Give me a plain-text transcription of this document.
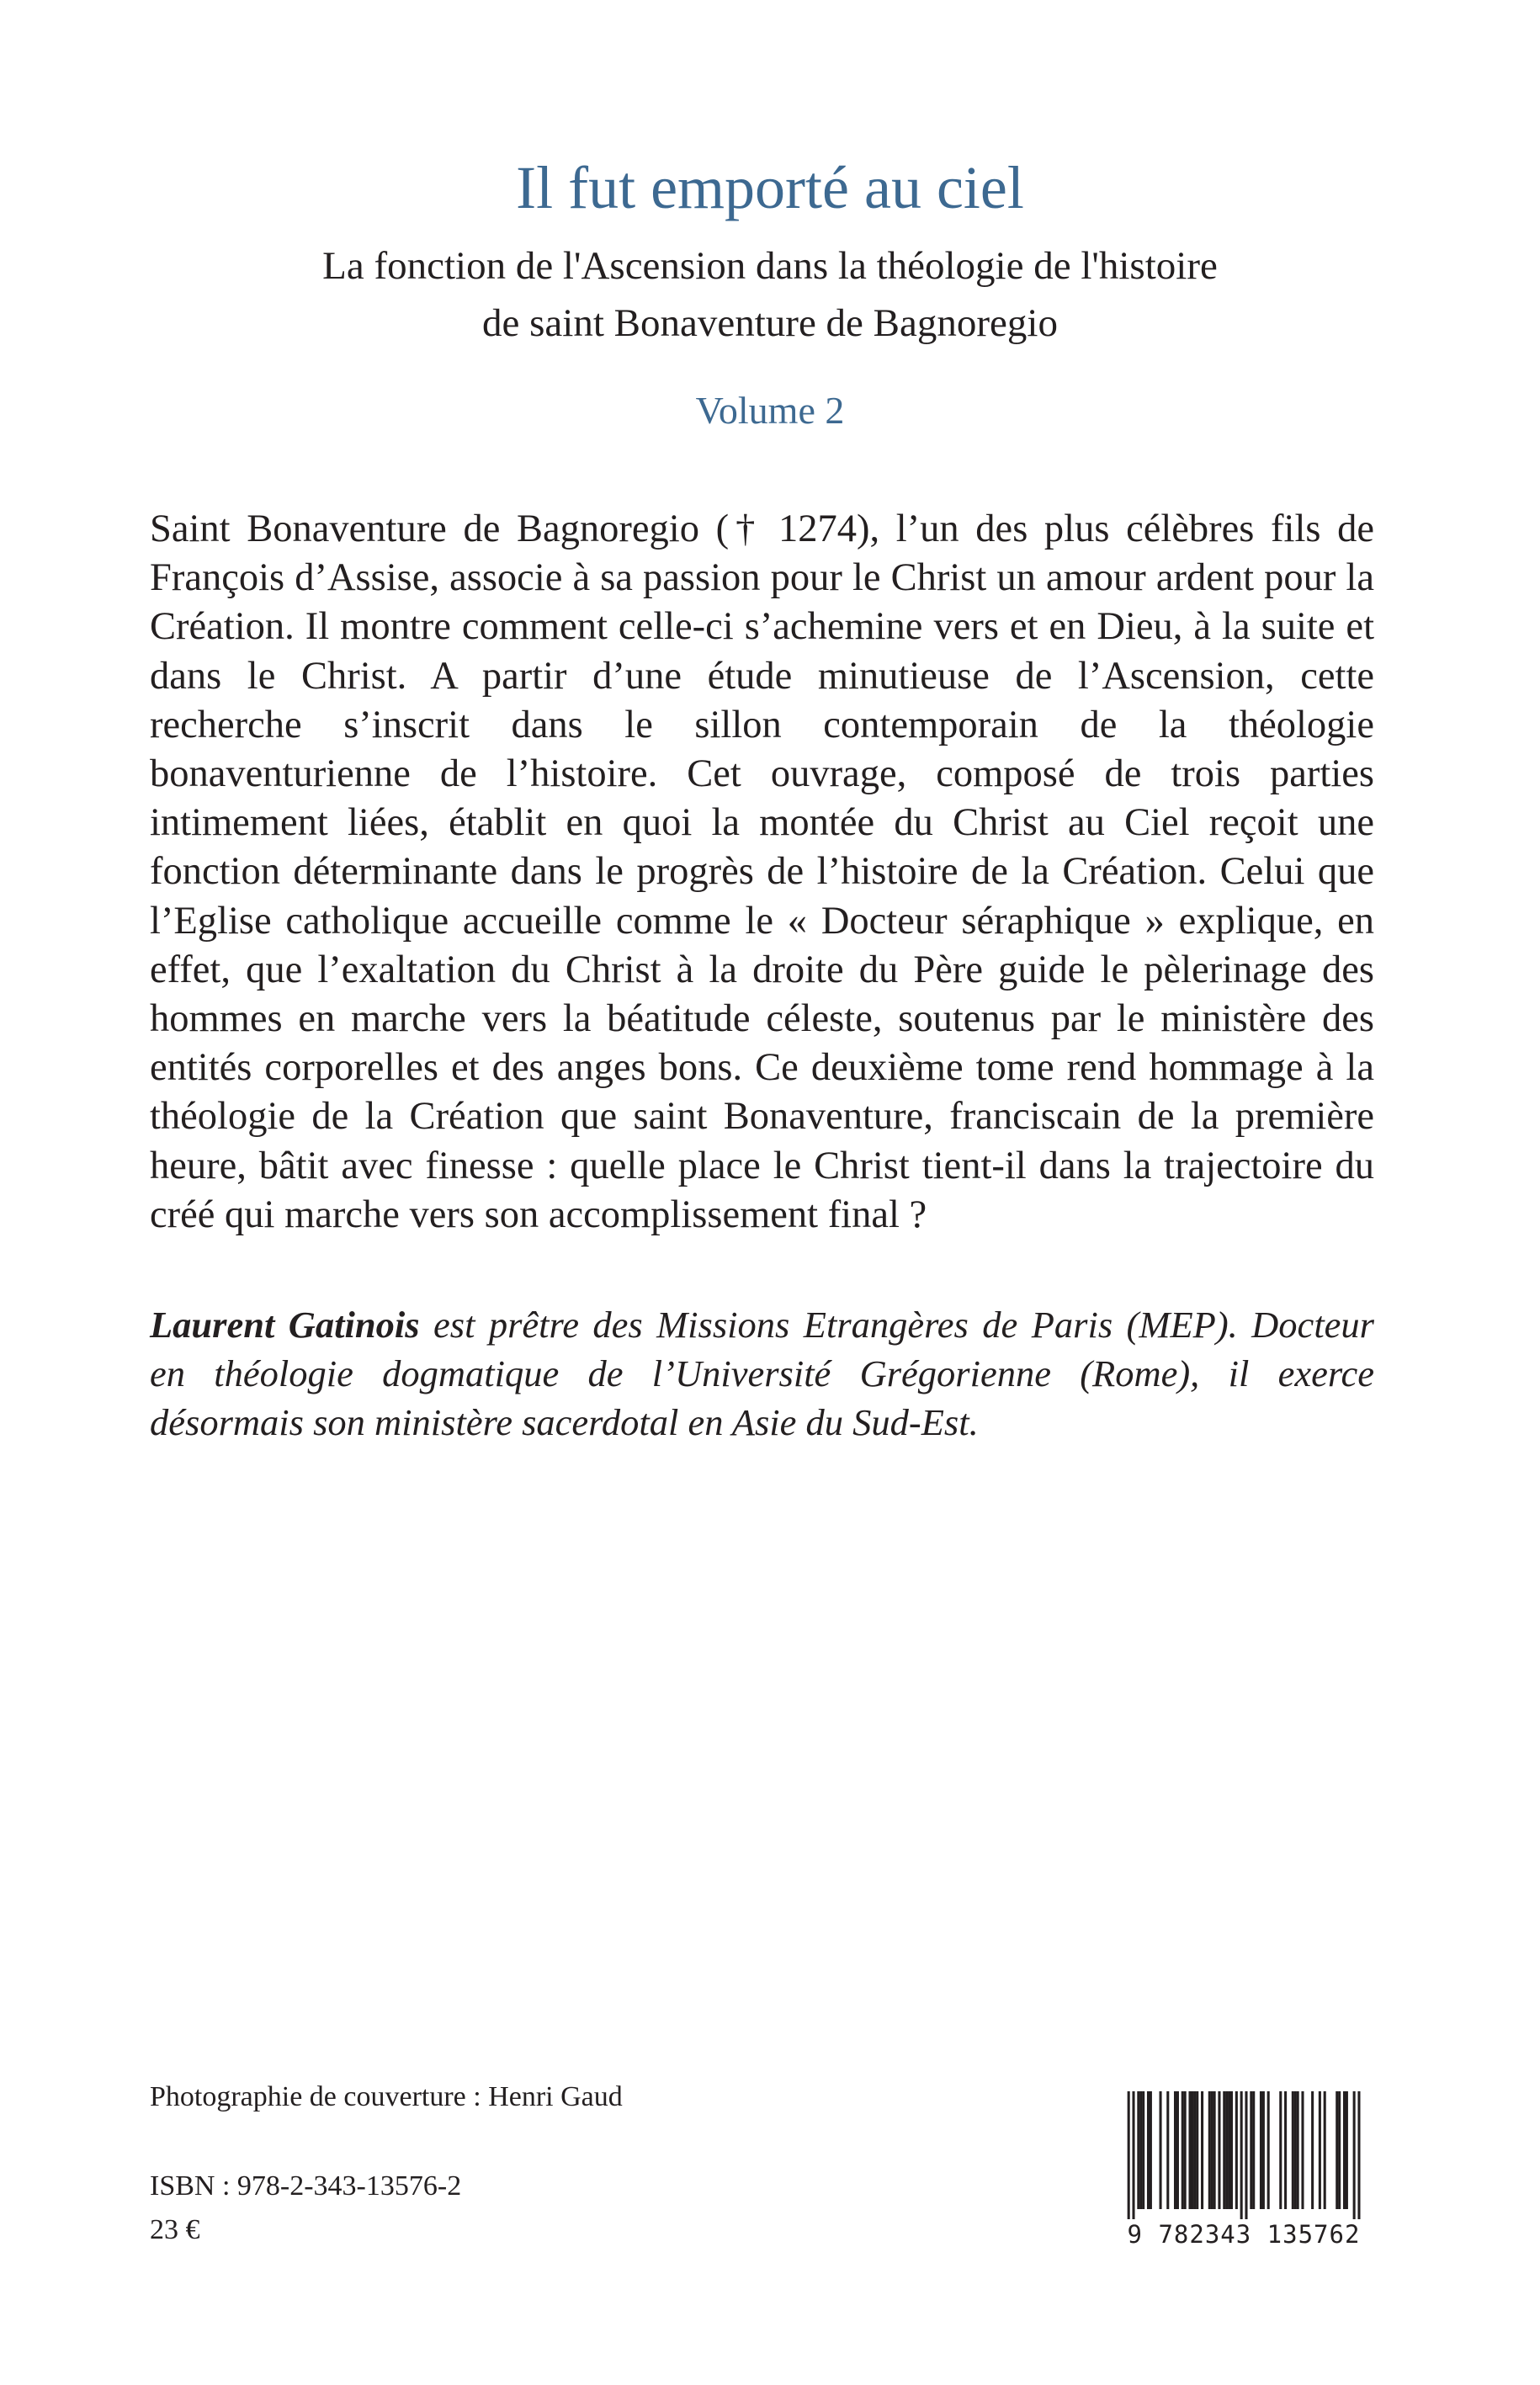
Il fut emporté au ciel
La fonction de l'Ascension dans la théologie de l'histoire
de saint Bonaventure de Bagnoregio
Volume 2

Saint Bonaventure de Bagnoregio († 1274), l’un des plus célèbres fils de François d’Assise, associe à sa passion pour le Christ un amour ardent pour la Création. Il montre comment celle-ci s’achemine vers et en Dieu, à la suite et dans le Christ. A partir d’une étude minutieuse de l’Ascension, cette recherche s’inscrit dans le sillon contemporain de la théologie bonaventurienne de l’histoire. Cet ouvrage, composé de trois parties intimement liées, établit en quoi la montée du Christ au Ciel reçoit une fonction déterminante dans le progrès de l’histoire de la Création. Celui que l’Eglise catholique accueille comme le « Docteur séraphique » explique, en effet, que l’exaltation du Christ à la droite du Père guide le pèlerinage des hommes en marche vers la béatitude céleste, soutenus par le ministère des entités corporelles et des anges bons. Ce deuxième tome rend hommage à la théologie de la Création que saint Bonaventure, franciscain de la première heure, bâtit avec finesse : quelle place le Christ tient-il dans la trajectoire du créé qui marche vers son accomplissement final ?

Laurent Gatinois est prêtre des Missions Etrangères de Paris (MEP). Docteur en théologie dogmatique de l’Université Grégorienne (Rome), il exerce désormais son ministère sacerdotal en Asie du Sud-Est.

Photographie de couverture : Henri Gaud
ISBN : 978-2-343-13576-2
23 €	9 782343 135762
